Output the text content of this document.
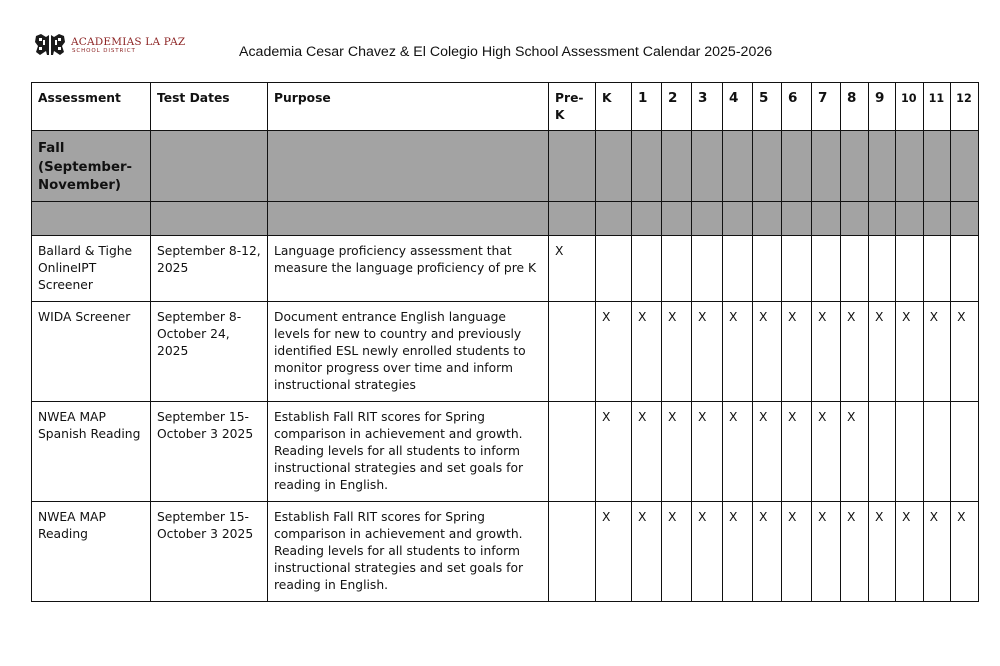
ACADEMIAS LA PAZ
SCHOOL DISTRICT	Academia Cesar Chavez & El Colegio High School Assessment Calendar 2025-2026
Assessment	Test Dates	Purpose	Pre-K	K	1	2	3	4	5	6	7	8	9	10	11	12
Fall (September-November)																

Ballard & Tighe OnlineIPT Screener	September 8-12, 2025	Language proficiency assessment that measure the language proficiency of pre K	X													
WIDA Screener	September 8-October 24, 2025	Document entrance English language levels for new to country and previously identified ESL newly enrolled students to monitor progress over time and inform instructional strategies		X	X	X	X	X	X	X	X	X	X	X	X	X
NWEA MAP Spanish Reading	September 15-October 3 2025	Establish Fall RIT scores for Spring comparison in achievement and growth. Reading levels for all students to inform instructional strategies and set goals for reading in English.		X	X	X	X	X	X	X	X	X				
NWEA MAP Reading	September 15-October 3 2025	Establish Fall RIT scores for Spring comparison in achievement and growth. Reading levels for all students to inform instructional strategies and set goals for reading in English.		X	X	X	X	X	X	X	X	X	X	X	X	X
